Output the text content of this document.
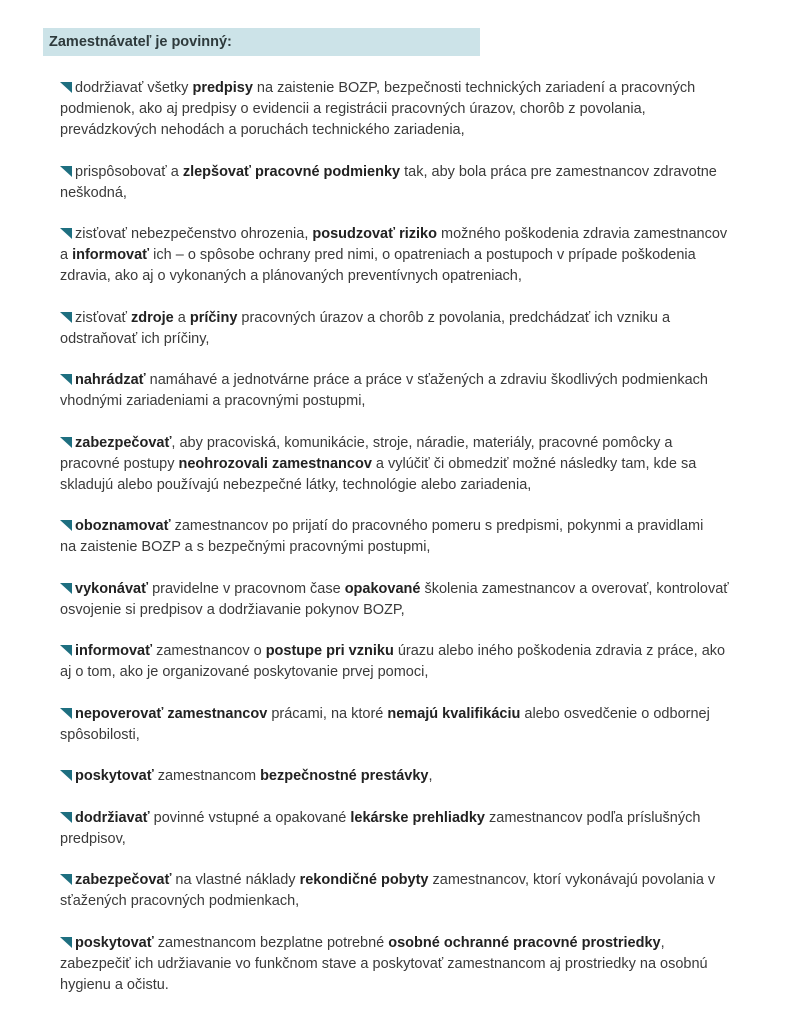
Zamestnávateľ je povinný:
dodržiavať všetky predpisy na zaistenie BOZP, bezpečnosti technických zariadení a pracovných
podmienok, ako aj predpisy o evidencii a registrácii pracovných úrazov, chorôb z povolania,
prevádzkových nehodách a poruchách technického zariadenia,
prispôsobovať a zlepšovať pracovné podmienky tak, aby bola práca pre zamestnancov zdravotne
neškodná,
zisťovať nebezpečenstvo ohrozenia, posudzovať riziko možného poškodenia zdravia zamestnancov
a informovať ich – o spôsobe ochrany pred nimi, o opatreniach a postupoch v prípade poškodenia
zdravia, ako aj o vykonaných a plánovaných preventívnych opatreniach,
zisťovať zdroje a príčiny pracovných úrazov a chorôb z povolania, predchádzať ich vzniku a
odstraňovať ich príčiny,
nahrádzať namáhavé a jednotvárne práce a práce v sťažených a zdraviu škodlivých podmienkach
vhodnými zariadeniami a pracovnými postupmi,
zabezpečovať, aby pracoviská, komunikácie, stroje, náradie, materiály, pracovné pomôcky a
pracovné postupy neohrozovali zamestnancov a vylúčiť či obmedziť možné následky tam, kde sa
skladujú alebo používajú nebezpečné látky, technológie alebo zariadenia,
oboznamovať zamestnancov po prijatí do pracovného pomeru s predpismi, pokynmi a pravidlami
na zaistenie BOZP a s bezpečnými pracovnými postupmi,
vykonávať pravidelne v pracovnom čase opakované školenia zamestnancov a overovať, kontrolovať
osvojenie si predpisov a dodržiavanie pokynov BOZP,
informovať zamestnancov o postupe pri vzniku úrazu alebo iného poškodenia zdravia z práce, ako
aj o tom, ako je organizované poskytovanie prvej pomoci,
nepoverovať zamestnancov prácami, na ktoré nemajú kvalifikáciu alebo osvedčenie o odbornej
spôsobilosti,
poskytovať zamestnancom bezpečnostné prestávky,
dodržiavať povinné vstupné a opakované lekárske prehliadky zamestnancov podľa príslušných
predpisov,
zabezpečovať na vlastné náklady rekondičné pobyty zamestnancov, ktorí vykonávajú povolania v
sťažených pracovných podmienkach,
poskytovať zamestnancom bezplatne potrebné osobné ochranné pracovné prostriedky,
zabezpečiť ich udržiavanie vo funkčnom stave a poskytovať zamestnancom aj prostriedky na osobnú
hygienu a očistu.
